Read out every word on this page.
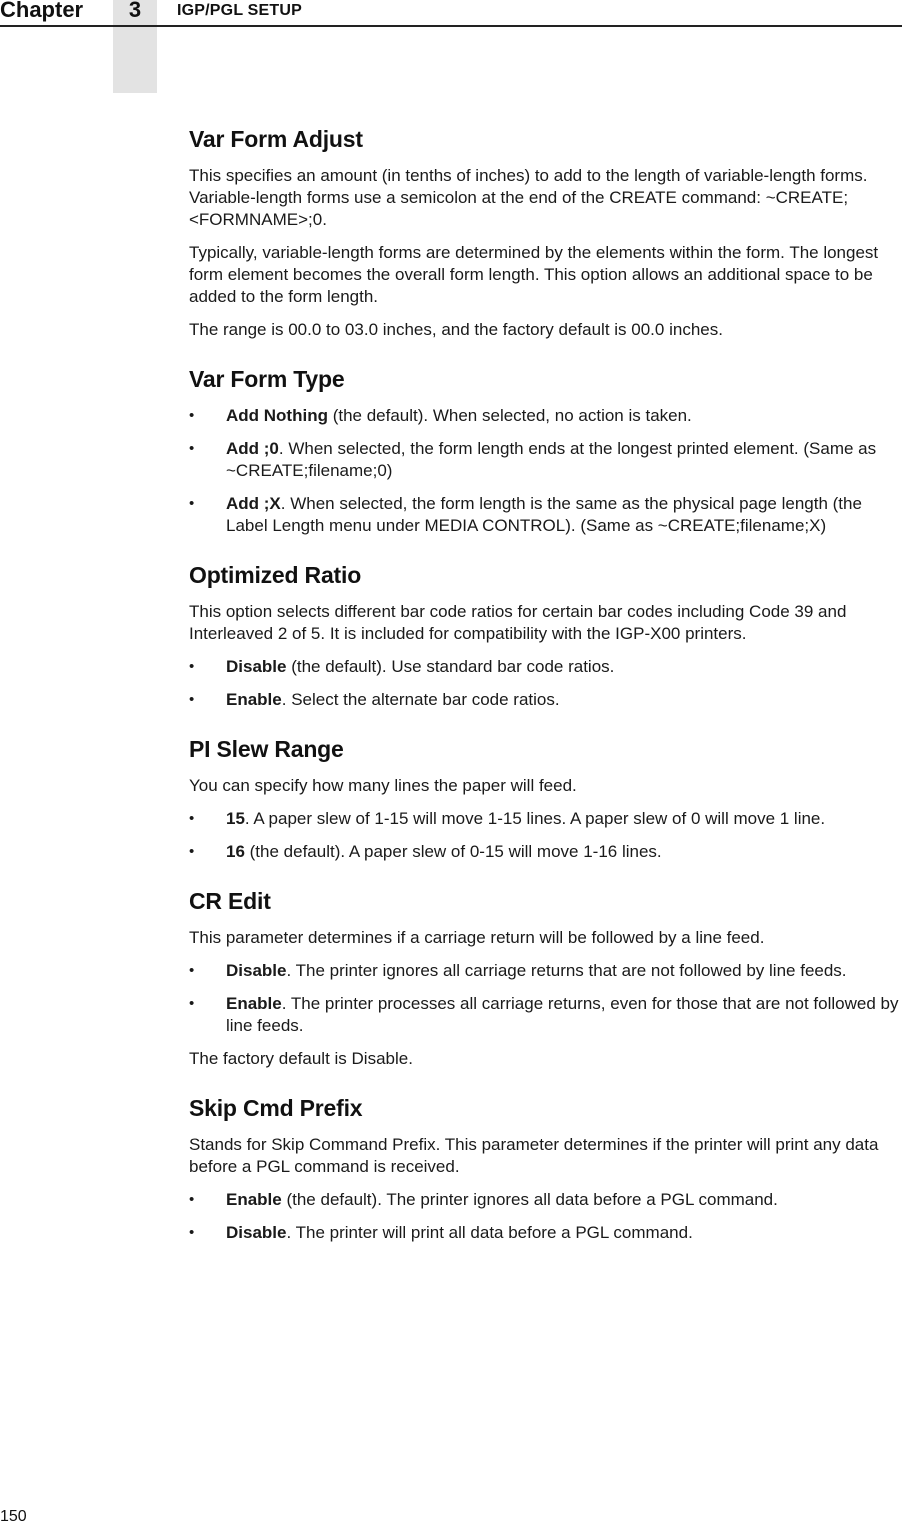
Chapter	3	IGP/PGL SETUP
Var Form Adjust

This specifies an amount (in tenths of inches) to add to the length of variable-length forms. Variable-length forms use a semicolon at the end of the CREATE command: ~CREATE;<FORMNAME>;0.

Typically, variable-length forms are determined by the elements within the form. The longest form element becomes the overall form length. This option allows an additional space to be added to the form length.

The range is 00.0 to 03.0 inches, and the factory default is 00.0 inches.

Var Form Type
• Add Nothing (the default). When selected, no action is taken.
• Add ;0. When selected, the form length ends at the longest printed element. (Same as ~CREATE;filename;0)
• Add ;X. When selected, the form length is the same as the physical page length (the Label Length menu under MEDIA CONTROL). (Same as ~CREATE;filename;X)
Optimized Ratio

This option selects different bar code ratios for certain bar codes including Code 39 and Interleaved 2 of 5. It is included for compatibility with the IGP-X00 printers.

• Disable (the default). Use standard bar code ratios.
• Enable. Select the alternate bar code ratios.
PI Slew Range

You can specify how many lines the paper will feed.

• 15. A paper slew of 1-15 will move 1-15 lines. A paper slew of 0 will move 1 line.
• 16 (the default). A paper slew of 0-15 will move 1-16 lines.
CR Edit

This parameter determines if a carriage return will be followed by a line feed.

• Disable. The printer ignores all carriage returns that are not followed by line feeds.
• Enable. The printer processes all carriage returns, even for those that are not followed by line feeds.

The factory default is Disable.

Skip Cmd Prefix

Stands for Skip Command Prefix. This parameter determines if the printer will print any data before a PGL command is received.

• Enable (the default). The printer ignores all data before a PGL command.
• Disable. The printer will print all data before a PGL command.
150
